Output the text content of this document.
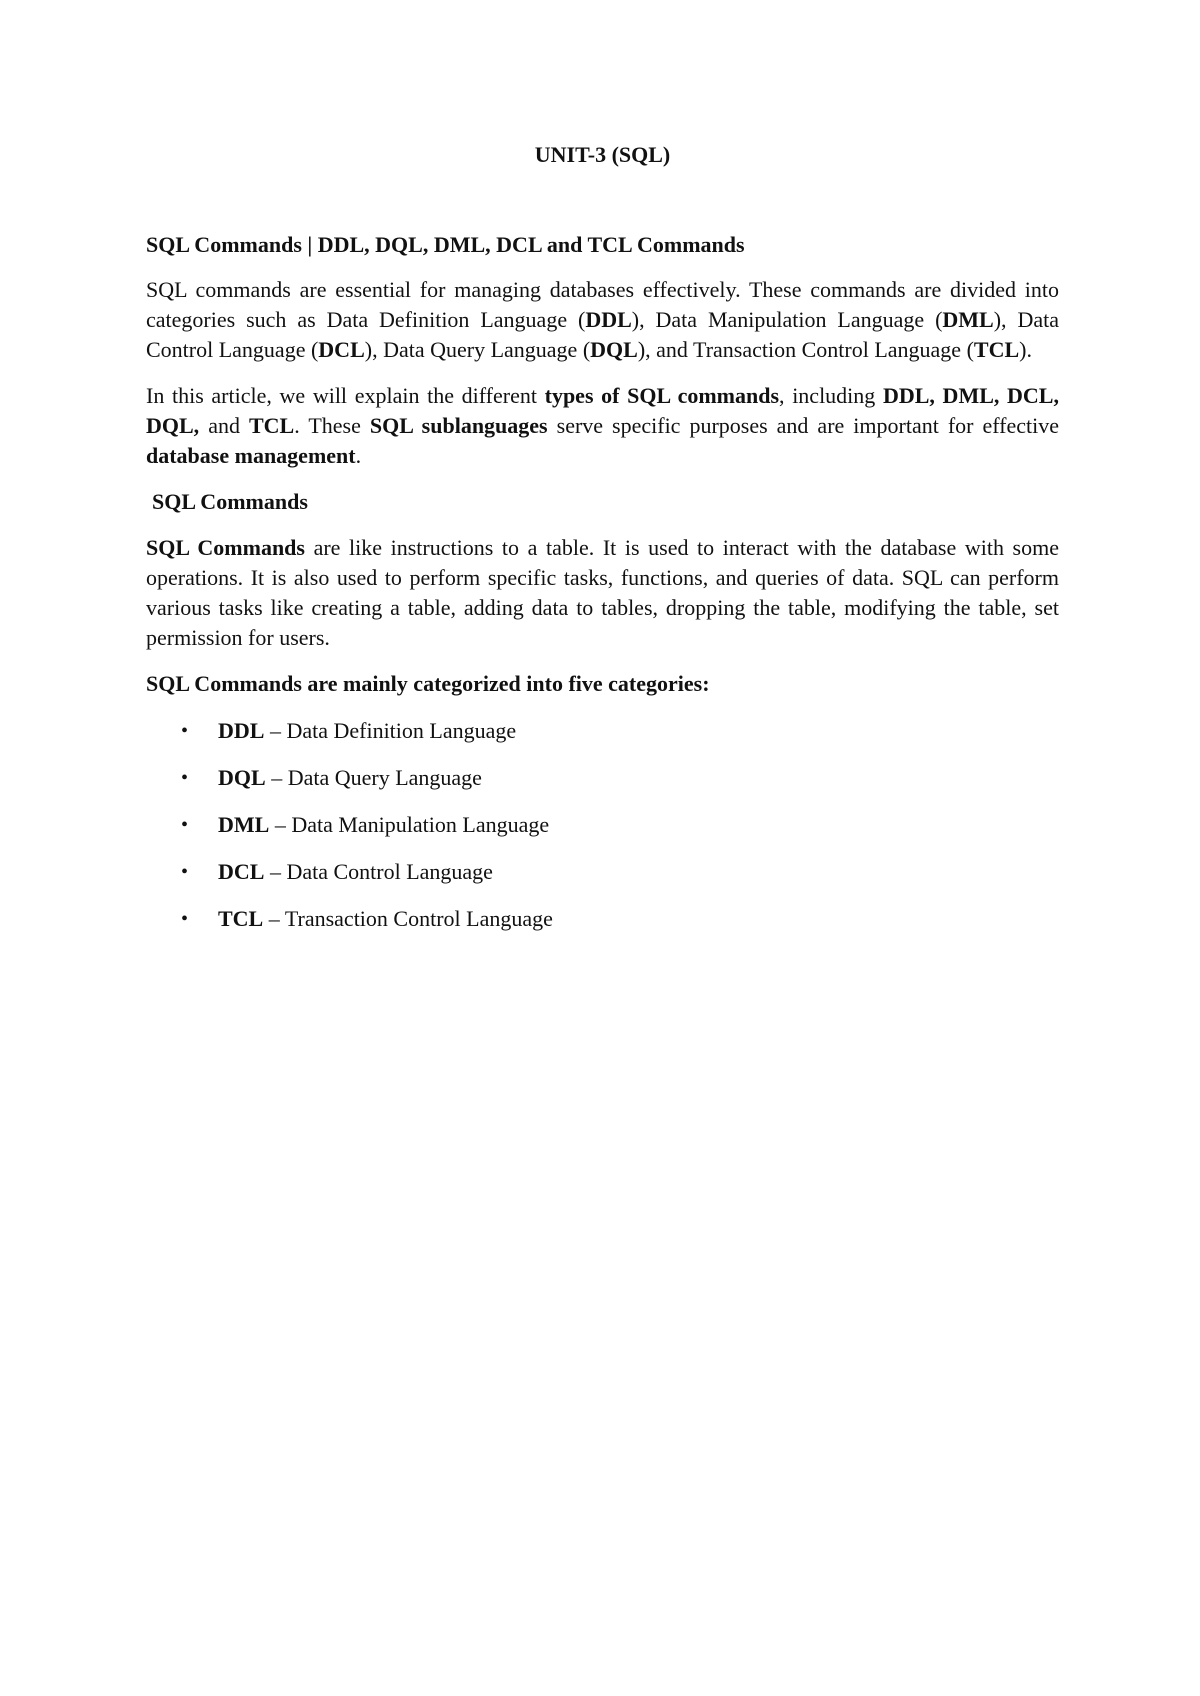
UNIT-3 (SQL)
SQL Commands | DDL, DQL, DML, DCL and TCL Commands

SQL commands are essential for managing databases effectively. These commands are divided into categories such as Data Definition Language (DDL), Data Manipulation Language (DML), Data Control Language (DCL), Data Query Language (DQL), and Transaction Control Language (TCL).

In this article, we will explain the different types of SQL commands, including DDL, DML, DCL, DQL, and TCL. These SQL sublanguages serve specific purposes and are important for effective database management.

SQL Commands

SQL Commands are like instructions to a table. It is used to interact with the database with some operations. It is also used to perform specific tasks, functions, and queries of data. SQL can perform various tasks like creating a table, adding data to tables, dropping the table, modifying the table, set permission for users.

SQL Commands are mainly categorized into five categories:
• DDL – Data Definition Language
• DQL – Data Query Language
• DML – Data Manipulation Language
• DCL – Data Control Language
• TCL – Transaction Control Language
